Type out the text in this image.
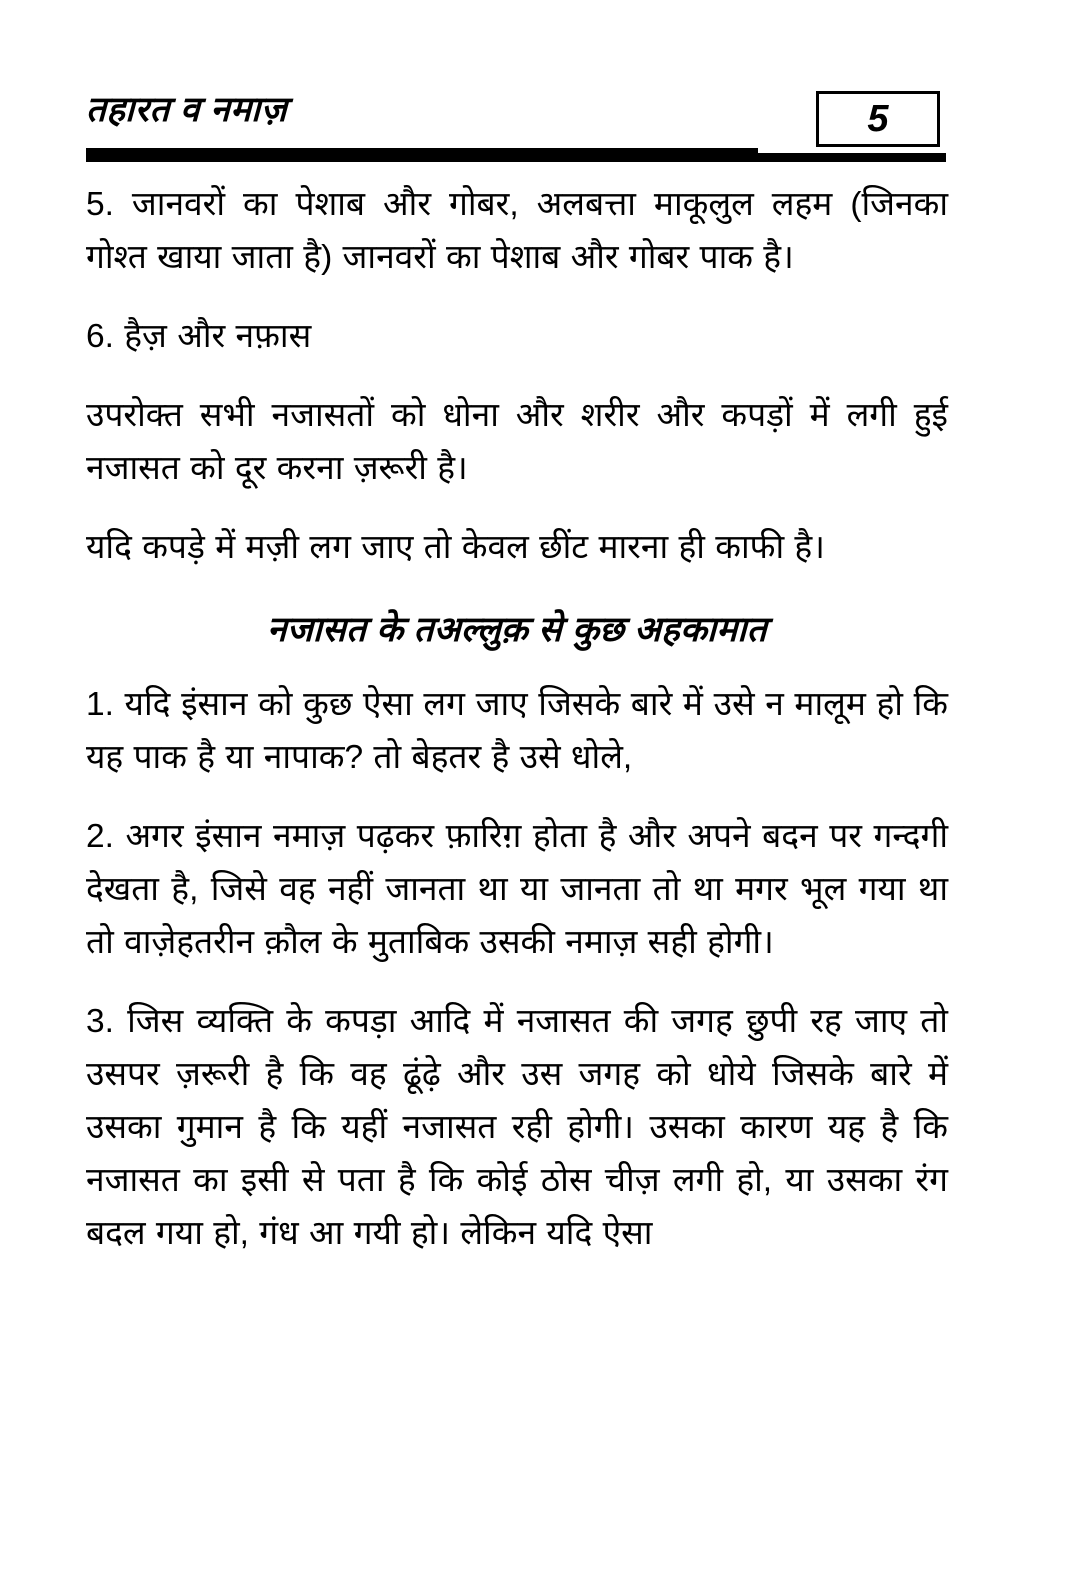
तहारत व नमाज़	5

5. जानवरों का पेशाब और गोबर, अलबत्ता माकूलुल लहम (जिनका गोश्त खाया जाता है) जानवरों का पेशाब और गोबर पाक है।

6. हैज़ और नफ़ास

उपरोक्त सभी नजासतों को धोना और शरीर और कपड़ों में लगी हुई नजासत को दूर करना ज़रूरी है।

यदि कपड़े में मज़ी लग जाए तो केवल छींट मारना ही काफी है।

नजासत के तअल्लुक़ से कुछ अहकामात

1. यदि इंसान को कुछ ऐसा लग जाए जिसके बारे में उसे न मालूम हो कि यह पाक है या नापाक? तो बेहतर है उसे धोले,

2. अगर इंसान नमाज़ पढ़कर फ़ारिग़ होता है और अपने बदन पर गन्दगी देखता है, जिसे वह नहीं जानता था या जानता तो था मगर भूल गया था तो वाज़ेहतरीन क़ौल के मुताबिक उसकी नमाज़ सही होगी।

3. जिस व्यक्ति के कपड़ा आदि में नजासत की जगह छुपी रह जाए तो उसपर ज़रूरी है कि वह ढूंढ़े और उस जगह को धोये जिसके बारे में उसका गुमान है कि यहीं नजासत रही होगी। उसका कारण यह है कि नजासत का इसी से पता है कि कोई ठोस चीज़ लगी हो, या उसका रंग बदल गया हो, गंध आ गयी हो। लेकिन यदि ऐसा
